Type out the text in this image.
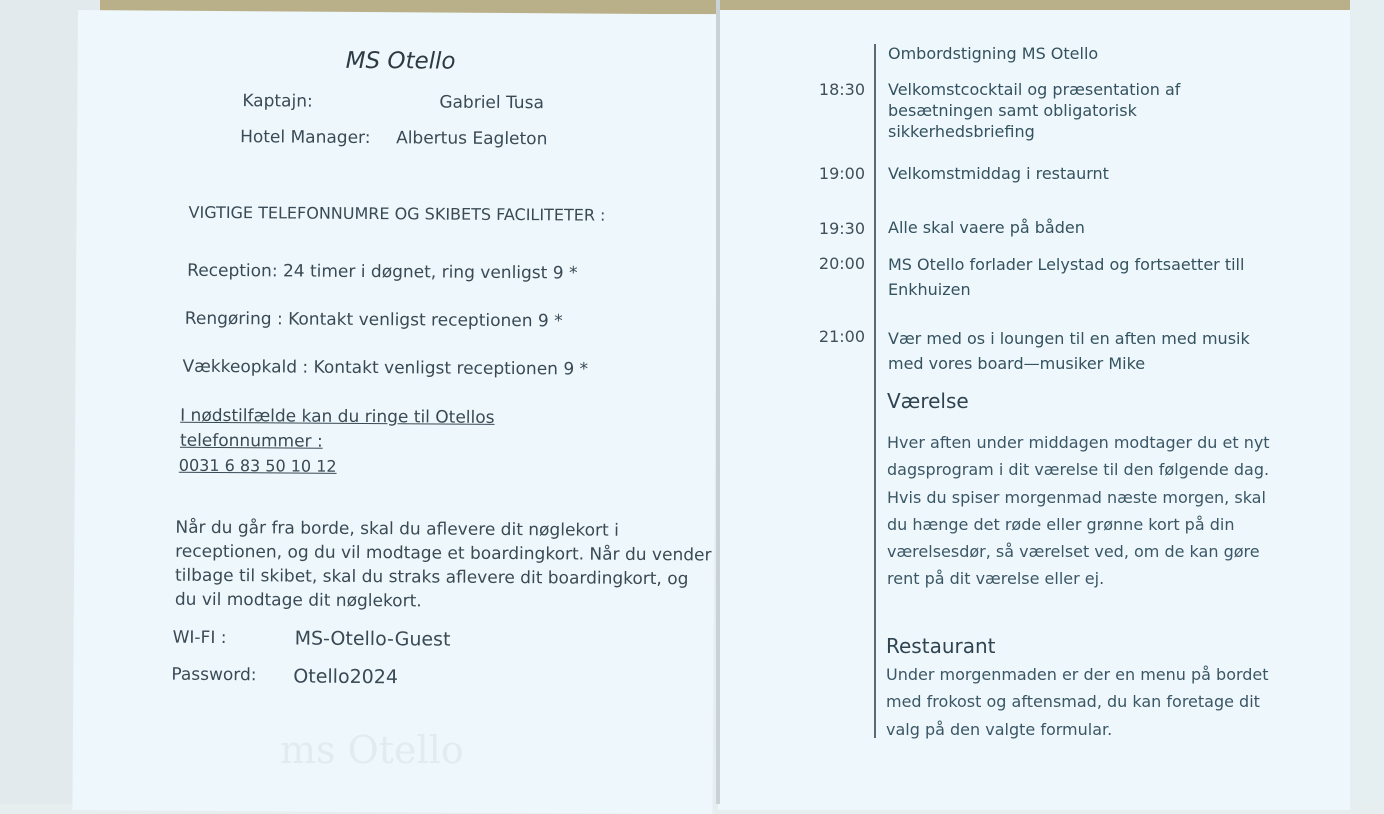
MS Otello
Kaptajn:	Gabriel Tusa
Hotel Manager: Albertus Eagleton
VIGTIGE TELEFONNUMRE OG SKIBETS FACILITETER :
Reception: 24 timer i døgnet, ring venligst 9 *
Rengøring : Kontakt venligst receptionen 9 *
Vækkeopkald : Kontakt venligst receptionen 9 *
I nødstilfælde kan du ringe til Otellos
telefonnummer :
0031 6 83 50 10 12
Når du går fra borde, skal du aflevere dit nøglekort i receptionen, og du vil modtage et boardingkort. Når du vender tilbage til skibet, skal du straks aflevere dit boardingkort, og du vil modtage dit nøglekort.
WI-FI :	MS-Otello-Guest
Password: Otello2024
ms Otello
Ombordstigning MS Otello
18:30 Velkomstcocktail og præsentation af besætningen samt obligatorisk sikkerhedsbriefing
19:00 Velkomstmiddag i restaurnt
19:30 Alle skal vaere på båden
20:00 MS Otello forlader Lelystad og fortsaetter till Enkhuizen
21:00 Vær med os i loungen til en aften med musik med vores board—musiker Mike
Værelse
Hver aften under middagen modtager du et nyt dagsprogram i dit værelse til den følgende dag. Hvis du spiser morgenmad næste morgen, skal du hænge det røde eller grønne kort på din værelsesdør, så værelset ved, om de kan gøre rent på dit værelse eller ej.
Restaurant
Under morgenmaden er der en menu på bordet med frokost og aftensmad, du kan foretage dit valg på den valgte formular.
